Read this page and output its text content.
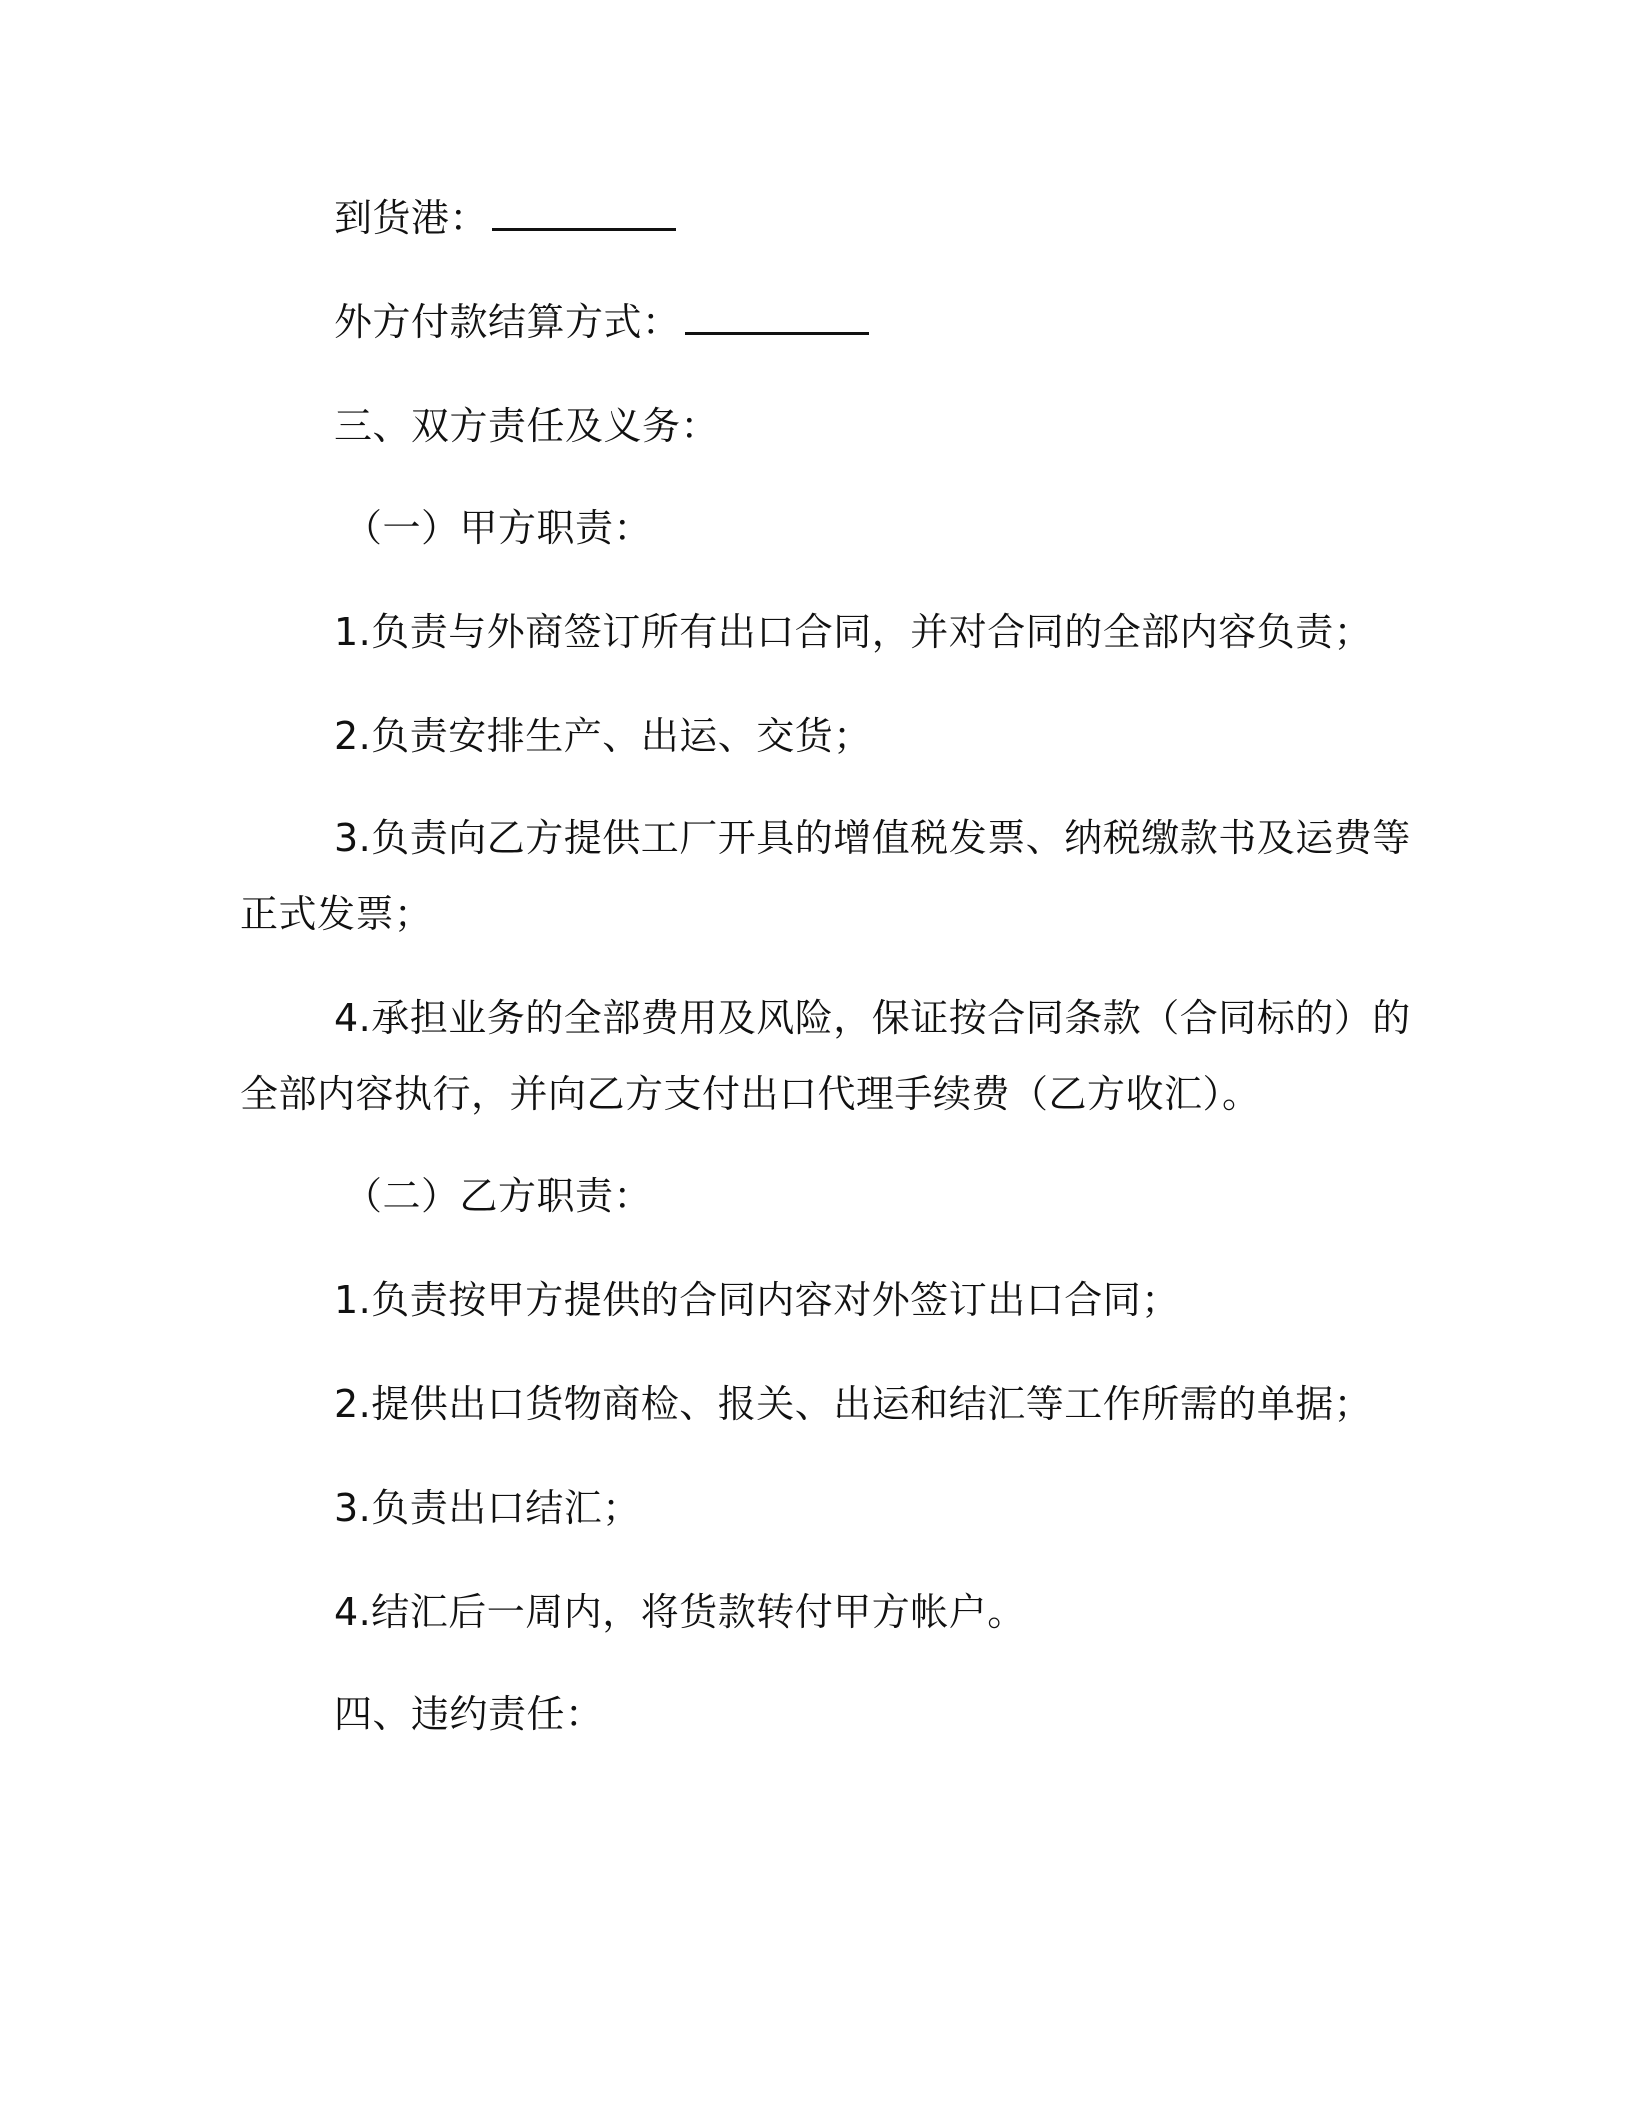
到货港：
外方付款结算方式：
三、双方责任及义务：
（一）甲方职责：
1.负责与外商签订所有出口合同，并对合同的全部内容负责；
2.负责安排生产、出运、交货；
3.负责向乙方提供工厂开具的增值税发票、纳税缴款书及运费等
正式发票；
4.承担业务的全部费用及风险，保证按合同条款（合同标的）的
全部内容执行，并向乙方支付出口代理手续费（乙方收汇）。
（二）乙方职责：
1.负责按甲方提供的合同内容对外签订出口合同；
2.提供出口货物商检、报关、出运和结汇等工作所需的单据；
3.负责出口结汇；
4.结汇后一周内，将货款转付甲方帐户。
四、违约责任：
